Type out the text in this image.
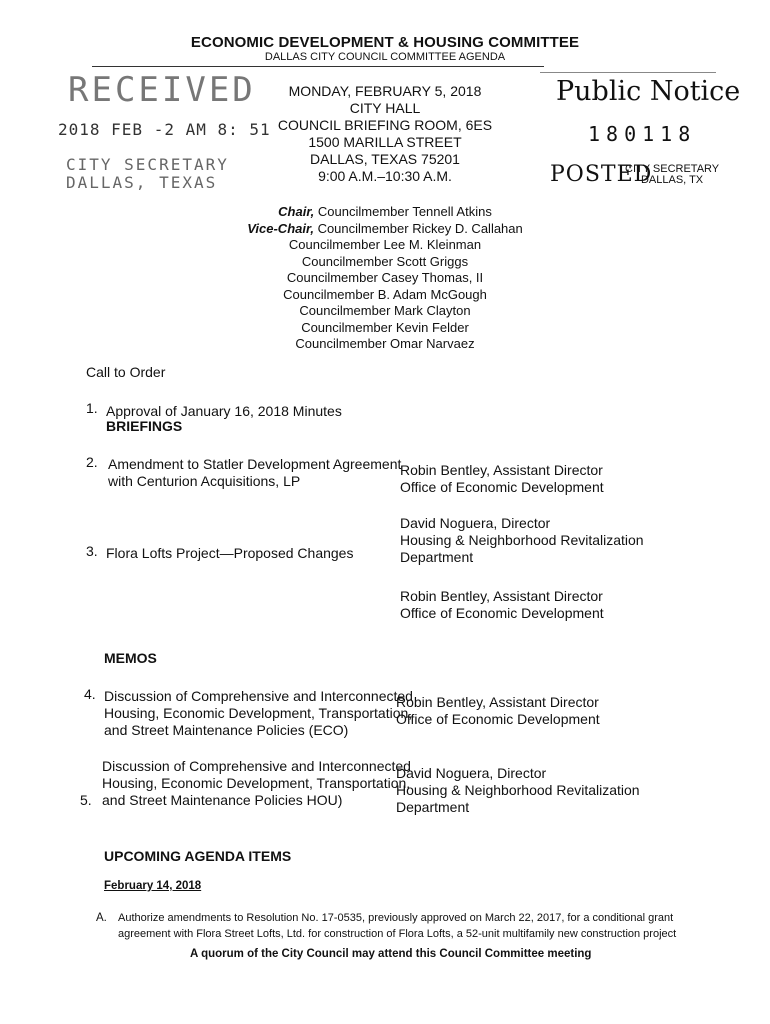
ECONOMIC DEVELOPMENT & HOUSING COMMITTEE
DALLAS CITY COUNCIL COMMITTEE AGENDA
RECEIVED
2018 FEB -2 AM 8: 51
CITY SECRETARY
DALLAS, TEXAS
MONDAY, FEBRUARY 5, 2018
CITY HALL
COUNCIL BRIEFING ROOM, 6ES
1500 MARILLA STREET
DALLAS, TEXAS 75201
9:00 A.M.–10:30 A.M.
Public Notice
180118
POSTED
CITY SECRETARY
DALLAS, TX
Chair, Councilmember Tennell Atkins
Vice-Chair, Councilmember Rickey D. Callahan
Councilmember Lee M. Kleinman
Councilmember Scott Griggs
Councilmember Casey Thomas, II
Councilmember B. Adam McGough
Councilmember Mark Clayton
Councilmember Kevin Felder
Councilmember Omar Narvaez
Call to Order
1. Approval of January 16, 2018 Minutes
BRIEFINGS
2. Amendment to Statler Development Agreement
with Centurion Acquisitions, LP
Robin Bentley, Assistant Director
Office of Economic Development
David Noguera, Director
Housing & Neighborhood Revitalization
Department
3. Flora Lofts Project—Proposed Changes
Robin Bentley, Assistant Director
Office of Economic Development
MEMOS
4. Discussion of Comprehensive and Interconnected
Housing, Economic Development, Transportation,
and Street Maintenance Policies (ECO)
Robin Bentley, Assistant Director
Office of Economic Development
Discussion of Comprehensive and Interconnected
Housing, Economic Development, Transportation,
and Street Maintenance Policies HOU)
5.
David Noguera, Director
Housing & Neighborhood Revitalization
Department
UPCOMING AGENDA ITEMS
February 14, 2018
A. Authorize amendments to Resolution No. 17-0535, previously approved on March 22, 2017, for a conditional grant
agreement with Flora Street Lofts, Ltd. for construction of Flora Lofts, a 52-unit multifamily new construction project
A quorum of the City Council may attend this Council Committee meeting
